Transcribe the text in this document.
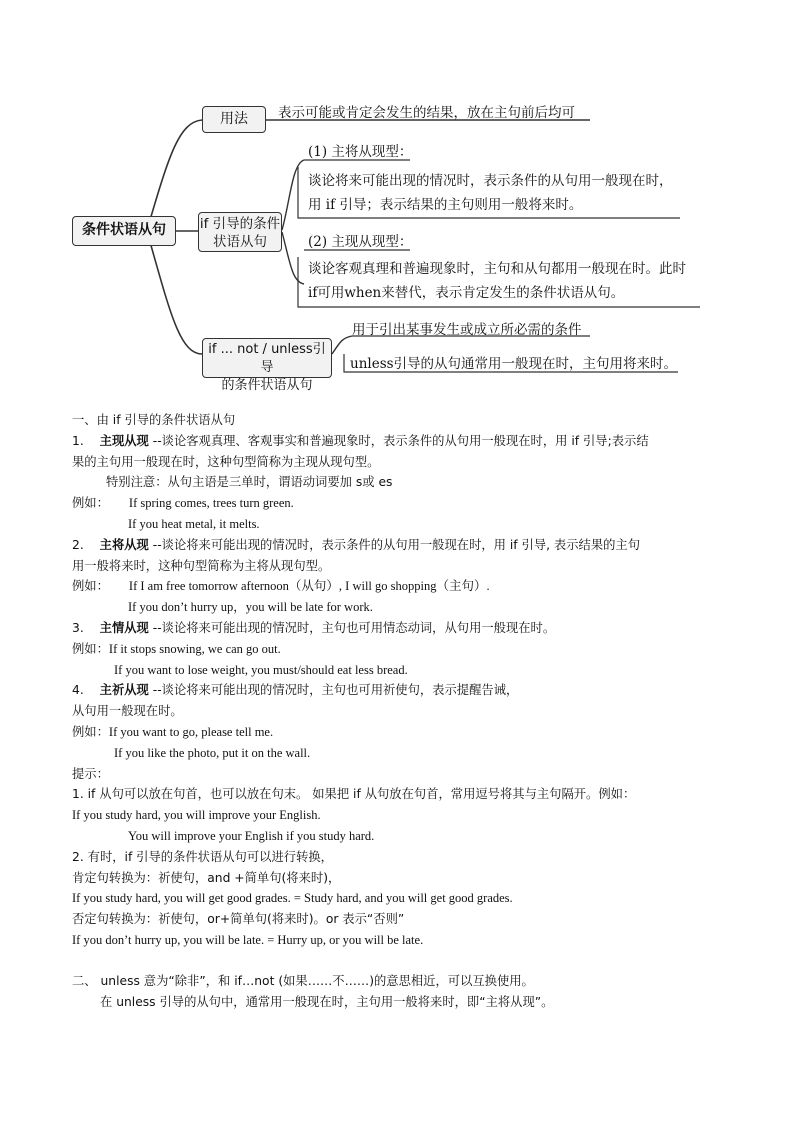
条件状语从句
用法	表示可能或肯定会发生的结果，放在主句前后均可
if 引导的条件
状语从句
(1) 主将从现型：
谈论将来可能出现的情况时，表示条件的从句用一般现在时，
用 if 引导；表示结果的主句则用一般将来时。
(2) 主现从现型：
谈论客观真理和普遍现象时，主句和从句都用一般现在时。此时
if可用when来替代，表示肯定发生的条件状语从句。
if ... not / unless引导
的条件状语从句
用于引出某事发生或成立所必需的条件
unless引导的从句通常用一般现在时，主句用将来时。
一、由 if 引导的条件状语从句
1. 主现从现 --谈论客观真理、客观事实和普遍现象时，表示条件的从句用一般现在时，用 if 引导;表示结
果的主句用一般现在时，这种句型简称为主现从现句型。
特别注意：从句主语是三单时，谓语动词要加 s或 es
例如： If spring comes, trees turn green.
If you heat metal, it melts.
2. 主将从现 --谈论将来可能出现的情况时，表示条件的从句用一般现在时，用 if 引导, 表示结果的主句
用一般将来时，这种句型简称为主将从现句型。
例如： If I am free tomorrow afternoon（从句）, I will go shopping（主句）.
If you don’t hurry up，you will be late for work.
3. 主情从现 --谈论将来可能出现的情况时，主句也可用情态动词，从句用一般现在时。
例如：If it stops snowing, we can go out.
If you want to lose weight, you must/should eat less bread.
4. 主祈从现 --谈论将来可能出现的情况时，主句也可用祈使句，表示提醒告诫，
从句用一般现在时。
例如：If you want to go, please tell me.
If you like the photo, put it on the wall.
提示：
1. if 从句可以放在句首，也可以放在句末。 如果把 if 从句放在句首，常用逗号将其与主句隔开。例如：
If you study hard, you will improve your English.
You will improve your English if you study hard.
2. 有时，if 引导的条件状语从句可以进行转换，
肯定句转换为：祈使句，and +简单句(将来时)，
If you study hard, you will get good grades. = Study hard, and you will get good grades.
否定句转换为：祈使句，or+简单句(将来时)。or 表示“否则”
If you don’t hurry up, you will be late. = Hurry up, or you will be late.
二、 unless 意为“除非”，和 if…not (如果……不……)的意思相近，可以互换使用。
在 unless 引导的从句中，通常用一般现在时，主句用一般将来时，即“主将从现”。
